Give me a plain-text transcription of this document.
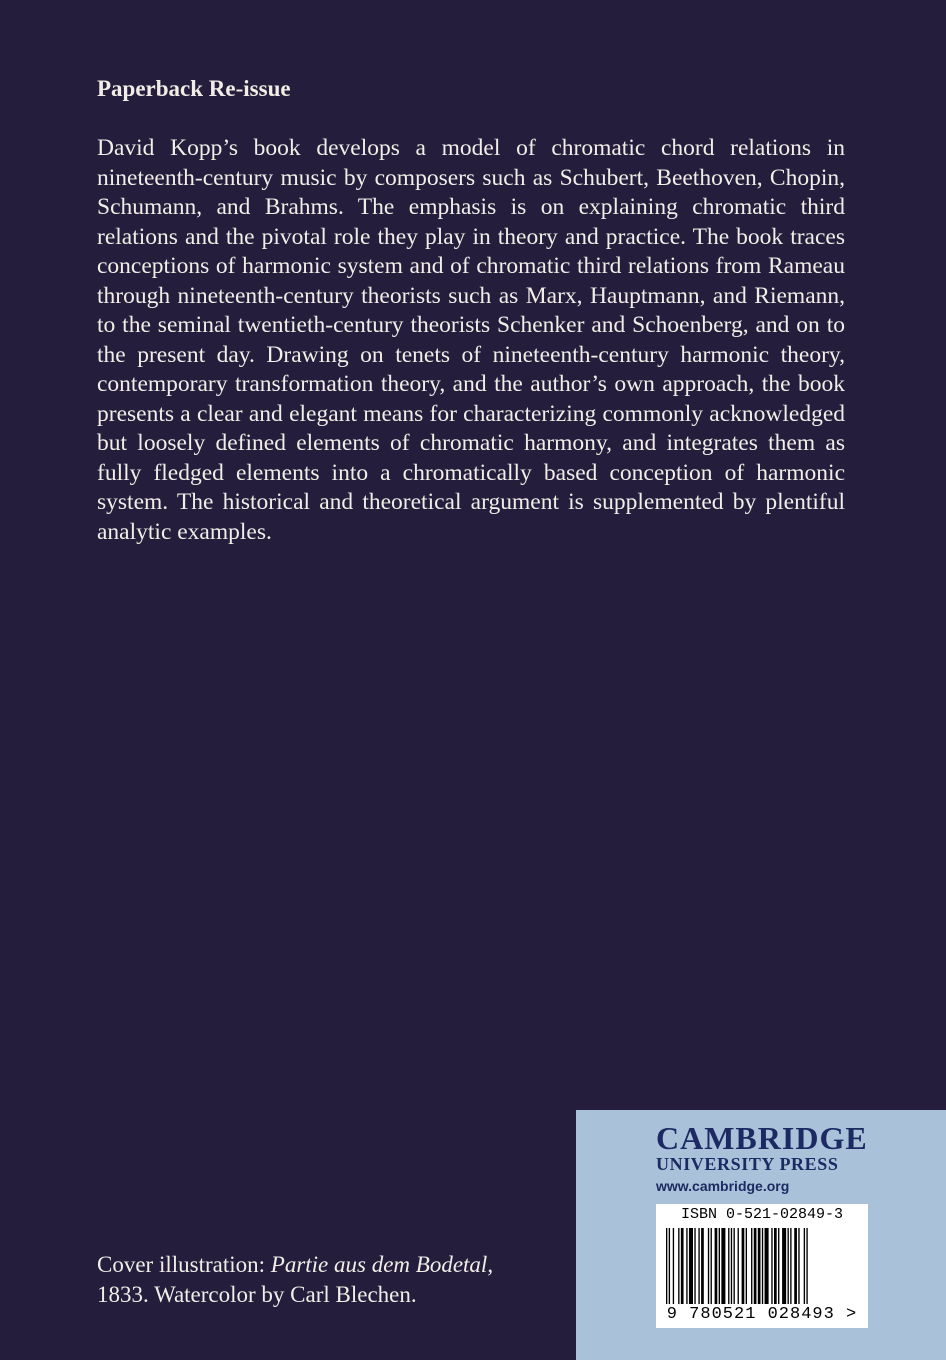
Paperback Re-issue

David Kopp’s book develops a model of chromatic chord relations in nineteenth-century music by composers such as Schubert, Beethoven, Chopin, Schumann, and Brahms. The emphasis is on explaining chromatic third relations and the pivotal role they play in theory and practice. The book traces conceptions of harmonic system and of chromatic third relations from Rameau through nineteenth-century theorists such as Marx, Hauptmann, and Riemann, to the seminal twentieth-century theorists Schenker and Schoenberg, and on to the present day. Drawing on tenets of nineteenth-century harmonic theory, contemporary transformation theory, and the author’s own approach, the book presents a clear and elegant means for characterizing commonly acknowledged but loosely defined elements of chromatic harmony, and integrates them as fully fledged elements into a chromatically based conception of harmonic system. The historical and theoretical argument is supplemented by plentiful analytic examples.

Cover illustration: Partie aus dem Bodetal, 1833. Watercolor by Carl Blechen.

CAMBRIDGE
UNIVERSITY PRESS
www.cambridge.org
ISBN 0-521-02849-3
9 780521 028493 >
